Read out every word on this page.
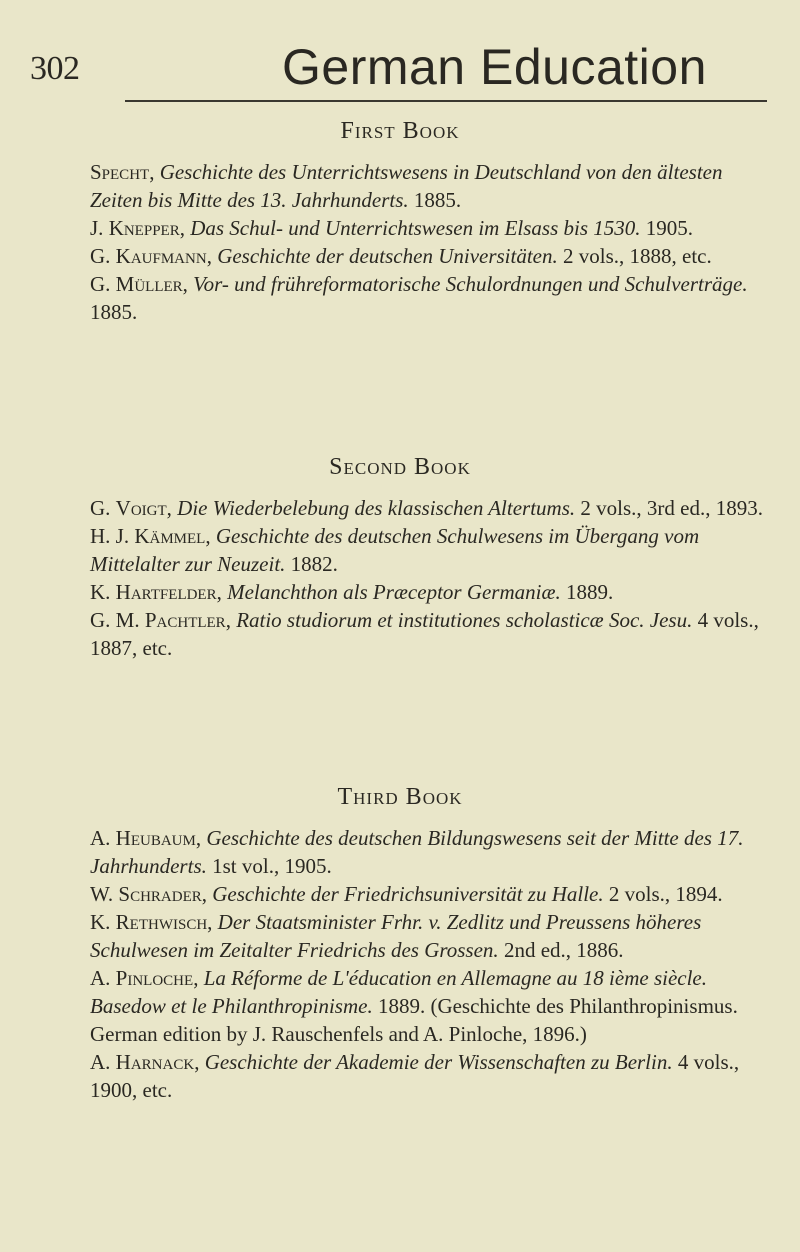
302	German Education
First Book

Specht, Geschichte des Unterrichtswesens in Deutschland von den ältesten Zeiten bis Mitte des 13. Jahrhunderts. 1885.

J. Knepper, Das Schul- und Unterrichtswesen im Elsass bis 1530. 1905.

G. Kaufmann, Geschichte der deutschen Universitäten. 2 vols., 1888, etc.

G. Müller, Vor- und frühreformatorische Schulordnungen und Schulverträge. 1885.

Second Book

G. Voigt, Die Wiederbelebung des klassischen Altertums. 2 vols., 3rd ed., 1893.

H. J. Kämmel, Geschichte des deutschen Schulwesens im Übergang vom Mittelalter zur Neuzeit. 1882.

K. Hartfelder, Melanchthon als Præceptor Germaniæ. 1889.

G. M. Pachtler, Ratio studiorum et institutiones scholasticæ Soc. Jesu. 4 vols., 1887, etc.

Third Book

A. Heubaum, Geschichte des deutschen Bildungswesens seit der Mitte des 17. Jahrhunderts. 1st vol., 1905.

W. Schrader, Geschichte der Friedrichsuniversität zu Halle. 2 vols., 1894.

K. Rethwisch, Der Staatsminister Frhr. v. Zedlitz und Preussens höheres Schulwesen im Zeitalter Friedrichs des Grossen. 2nd ed., 1886.

A. Pinloche, La Réforme de L'éducation en Allemagne au 18 ième siècle. Basedow et le Philanthropinisme. 1889. (Geschichte des Philanthropinismus. German edition by J. Rauschenfels and A. Pinloche, 1896.)

A. Harnack, Geschichte der Akademie der Wissenschaften zu Berlin. 4 vols., 1900, etc.
